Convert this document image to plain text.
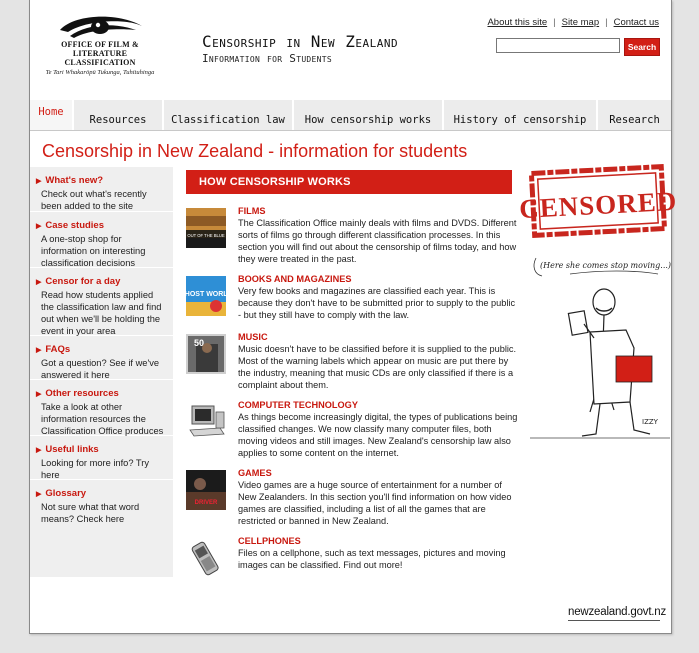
OFFICE OF FILM & LITERATURE CLASSIFICATION
Te Tari Whakarōpū Tukunga, Tuhituhinga
Censorship in New Zealand
Information for Students
About this site | Site map | Contact us
Search
Home
Resources	Classification law	How censorship works	History of censorship	Research
Censorship in New Zealand - information for students
▶ What's new?
Check out what's recently been added to the site
▶ Case studies
A one-stop shop for information on interesting classification decisions
▶ Censor for a day
Read how students applied the classification law and find out when we'll be holding the event in your area
▶ FAQs
Got a question? See if we've answered it here
▶ Other resources
Take a look at other information resources the Classification Office produces
▶ Useful links
Looking for more info? Try here
▶ Glossary
Not sure what that word means? Check here
HOW CENSORSHIP WORKS
OUT OF THE BLUE
FILMS
The Classification Office mainly deals with films and DVDS. Different sorts of films go through different classification processes. In this section you will find out about the censorship of films today, and how they were treated in the past.
GHOST WORLD
BOOKS AND MAGAZINES
Very few books and magazines are classified each year. This is because they don't have to be submitted prior to supply to the public - but they still have to comply with the law.
50
MUSIC
Music doesn't have to be classified before it is supplied to the public. Most of the warning labels which appear on music are put there by the industry, meaning that music CDs are only classified if there is a complaint about them.
COMPUTER TECHNOLOGY
As things become increasingly digital, the types of publications being classified changes. We now classify many computer files, both moving videos and still images. New Zealand's censorship law also applies to some content on the internet.
DRIVER
GAMES
Video games are a huge source of entertainment for a number of New Zealanders. In this section you'll find information on how video games are classified, including a list of all the games that are restricted or banned in New Zealand.
CELLPHONES
Files on a cellphone, such as text messages, pictures and moving images can be classified. Find out more!
CENSORED
(Here she comes stop moving...)
IZZY
newzealand.govt.nz
